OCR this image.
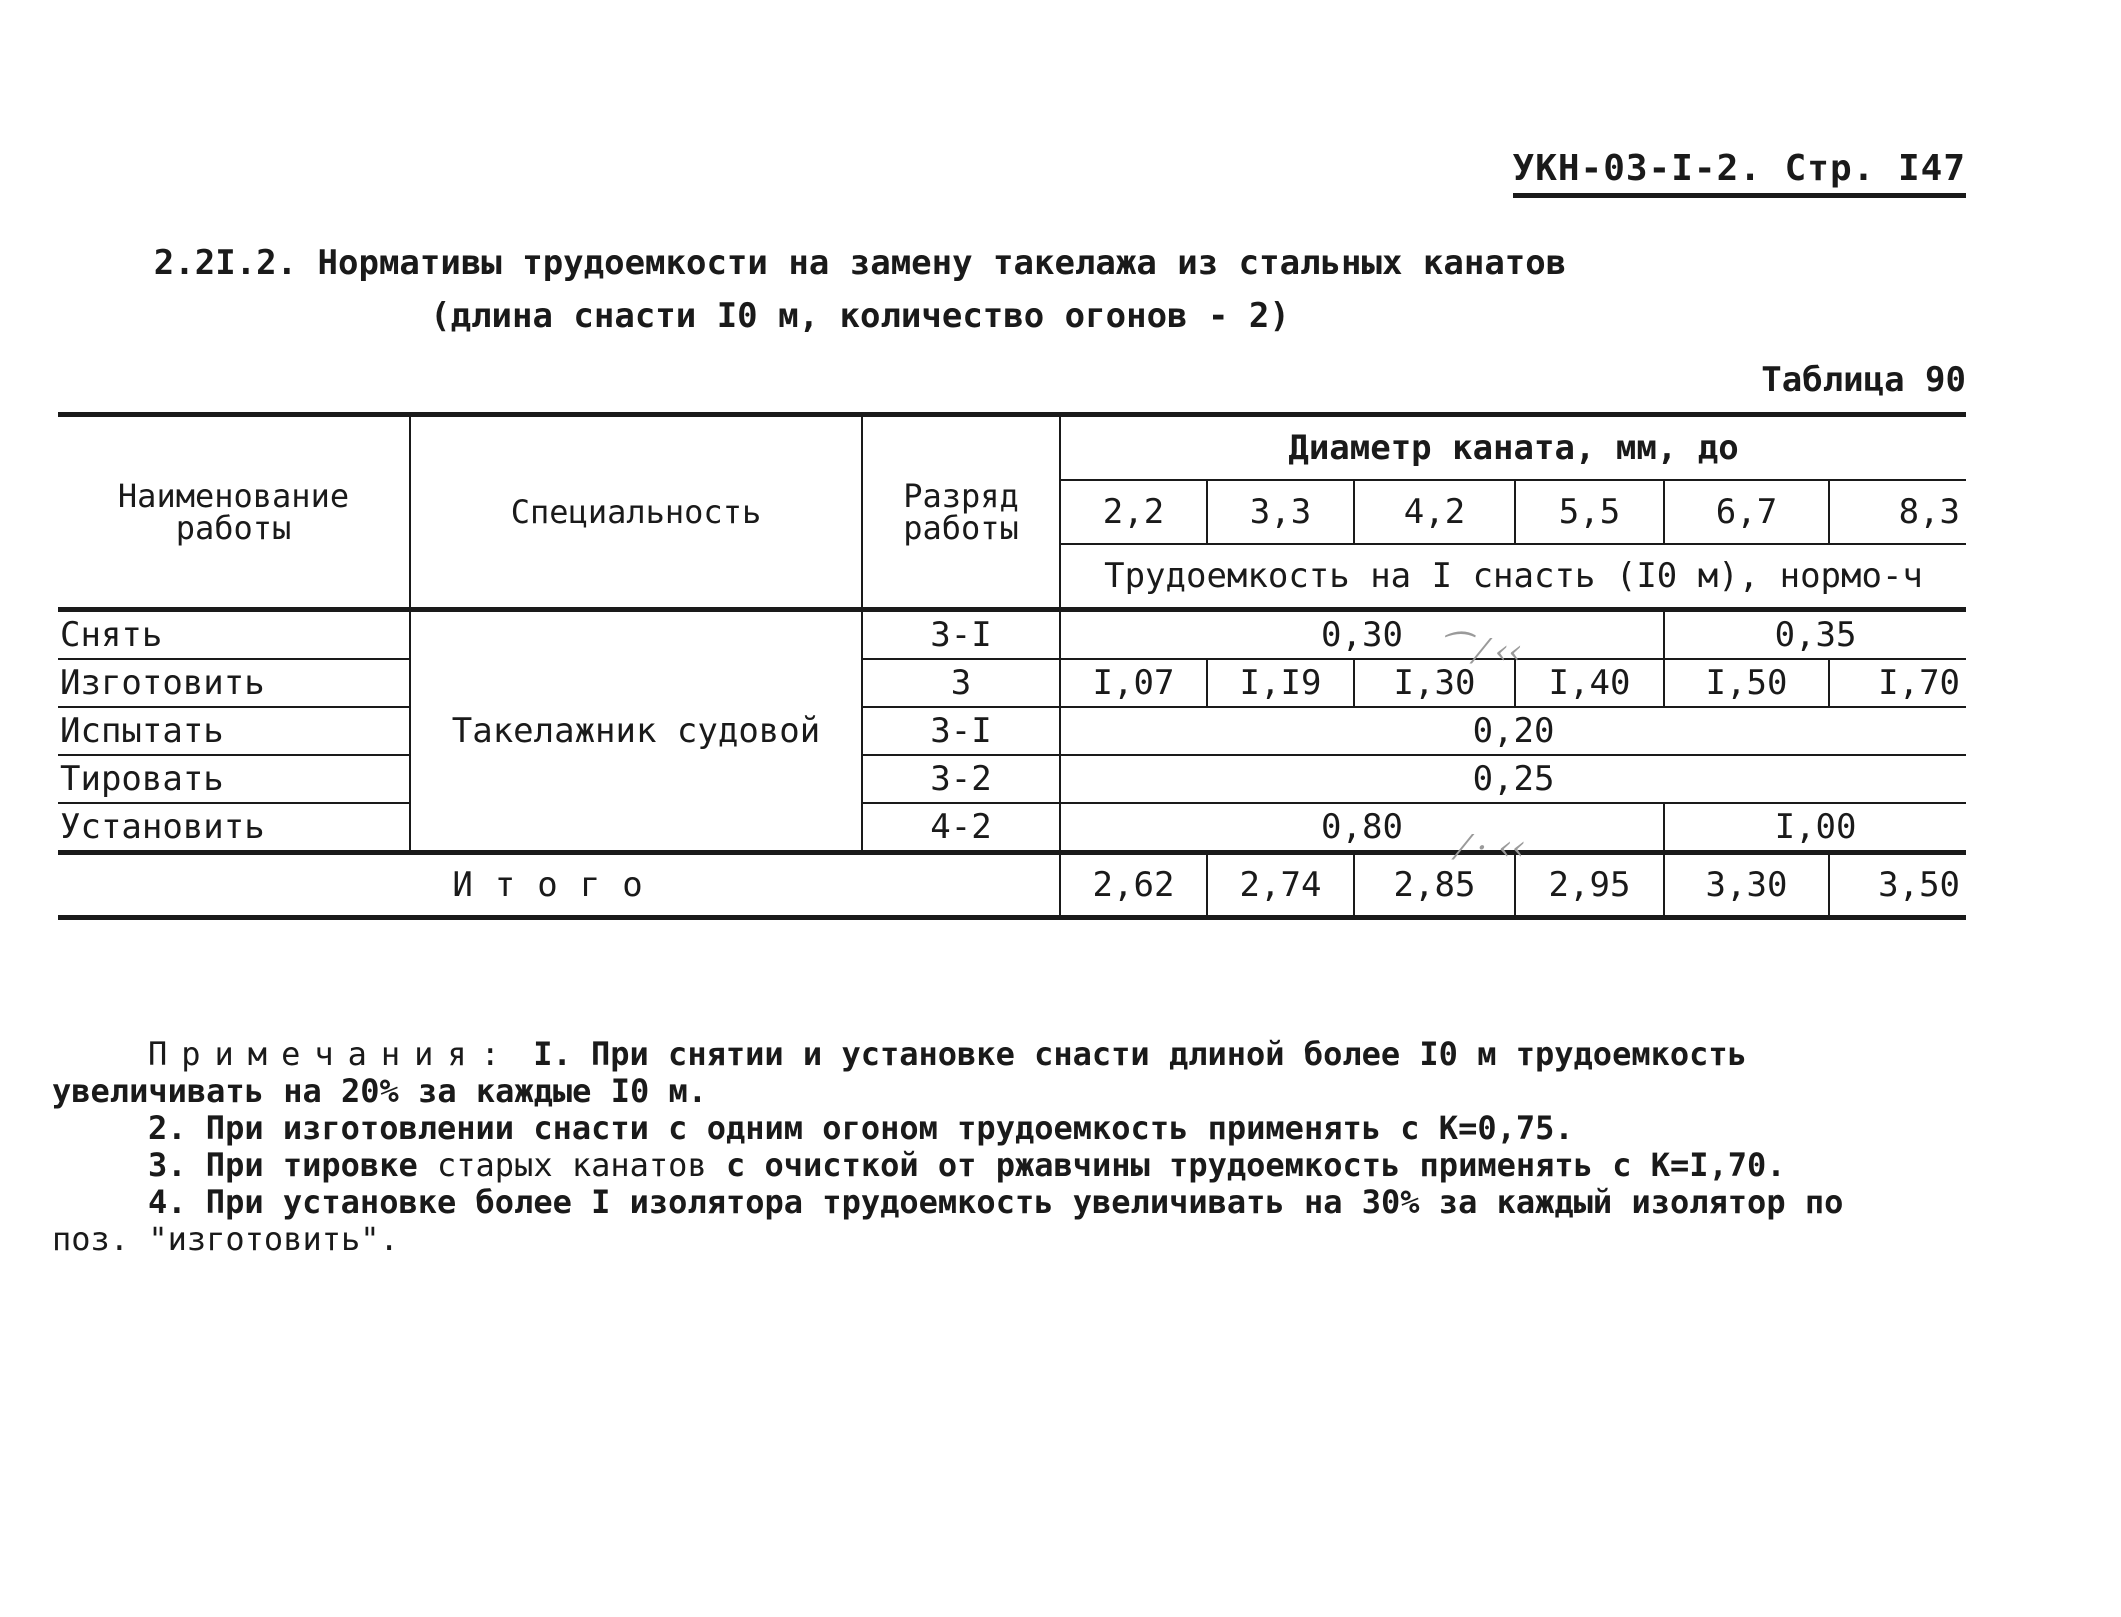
УКН-03-I-2. Стр. I47
2.2I.2. Нормативы трудоемкости на замену такелажа из стальных канатов
(длина снасти I0 м, количество огонов - 2)
Таблица 90
Наименование работы	Специальность	Разряд работы	Диаметр каната, мм, до					
			2,2	3,3	4,2	5,5	6,7	8,3
			Трудоемкость на I снасть (I0 м), нормо-ч					
Снять	Такелажник судовой	3-I	0,30				0,35	
Изготовить		3	I,07	I,I9	I,30	I,40	I,50	I,70
Испытать		3-I	0,20					
Тировать		3-2	0,25					
Установить		4-2	0,80				I,00	
Итого			2,62	2,74	2,85	2,95	3,30	3,50
⁀ ⁄ ‹‹
⁄ · ‹‹

Примечания: I. При снятии и установке снасти длиной более I0 м трудоемкость

увеличивать на 20% за каждые I0 м.

2. При изготовлении снасти с одним огоном трудоемкость применять с К=0,75.

3. При тировке старых канатов с очисткой от ржавчины трудоемкость применять с К=I,70.

4. При установке более I изолятора трудоемкость увеличивать на 30% за каждый изолятор по

поз. "изготовить".
